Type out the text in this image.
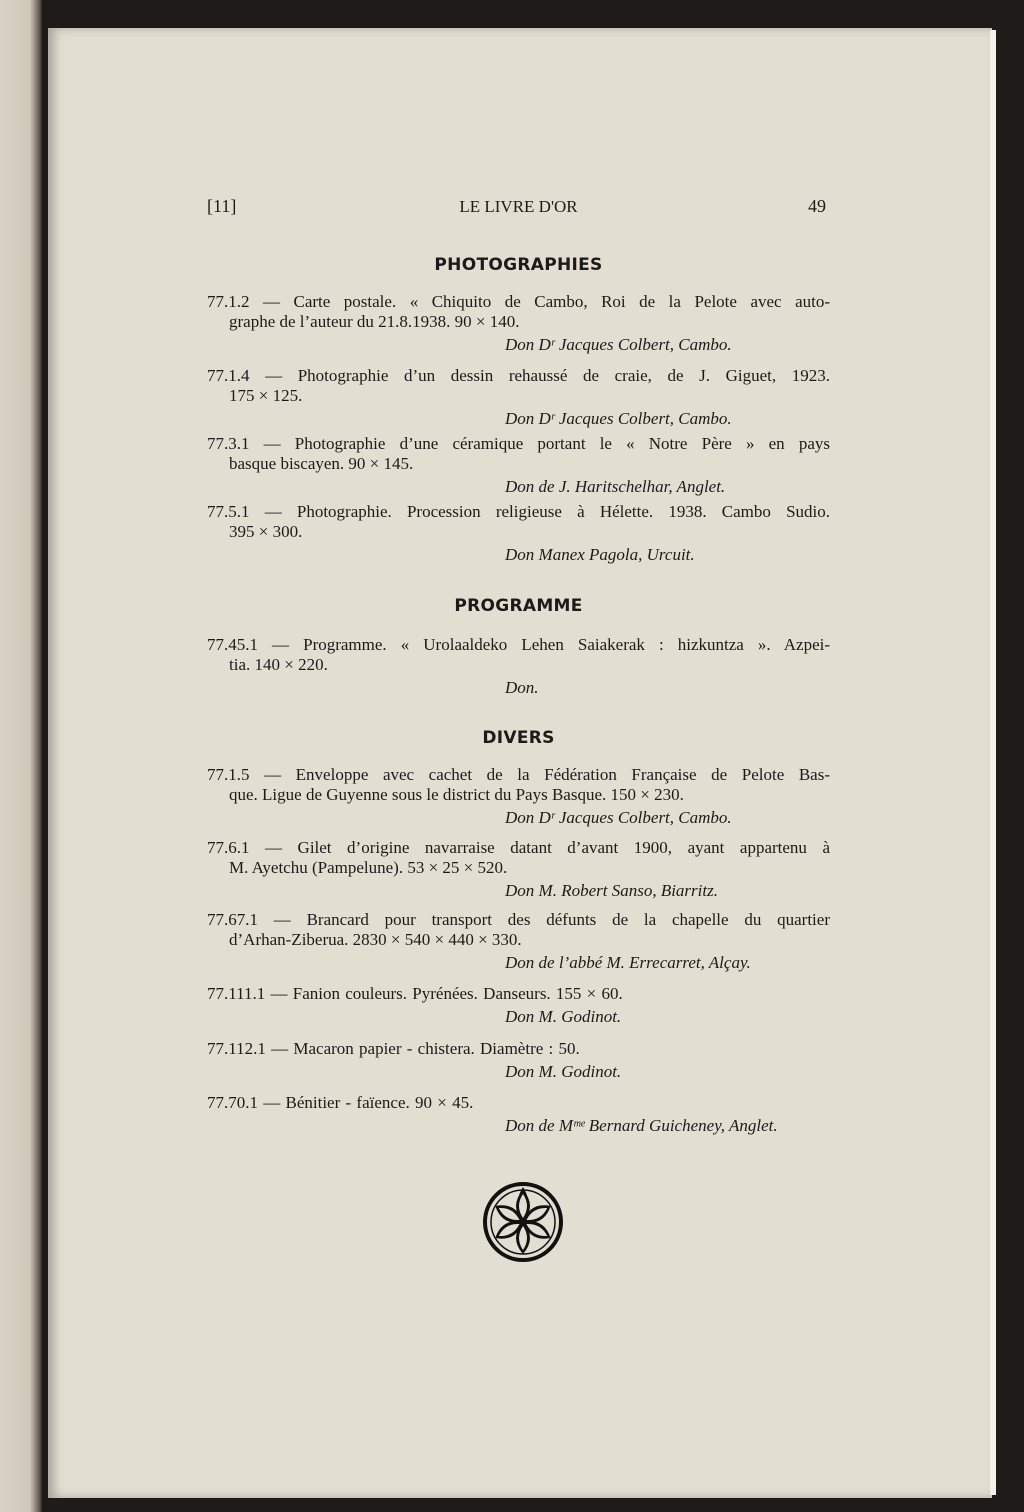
[11]	LE LIVRE D'OR	49
PHOTOGRAPHIES
77.1.2 — Carte postale. « Chiquito de Cambo, Roi de la Pelote avec auto-
graphe de l’auteur du 21.8.1938. 90 × 140.
Don Dʳ Jacques Colbert, Cambo.
77.1.4 — Photographie d’un dessin rehaussé de craie, de J. Giguet, 1923.
175 × 125.
Don Dʳ Jacques Colbert, Cambo.
77.3.1 — Photographie d’une céramique portant le « Notre Père » en pays
basque biscayen. 90 × 145.
Don de J. Haritschelhar, Anglet.
77.5.1 — Photographie. Procession religieuse à Hélette. 1938. Cambo Sudio.
395 × 300.
Don Manex Pagola, Urcuit.
PROGRAMME
77.45.1 — Programme. « Urolaaldeko Lehen Saiakerak : hizkuntza ». Azpei-
tia. 140 × 220.
Don.
DIVERS
77.1.5 — Enveloppe avec cachet de la Fédération Française de Pelote Bas-
que. Ligue de Guyenne sous le district du Pays Basque. 150 × 230.
Don Dʳ Jacques Colbert, Cambo.
77.6.1 — Gilet d’origine navarraise datant d’avant 1900, ayant appartenu à
M. Ayetchu (Pampelune). 53 × 25 × 520.
Don M. Robert Sanso, Biarritz.
77.67.1 — Brancard pour transport des défunts de la chapelle du quartier
d’Arhan-Ziberua. 2830 × 540 × 440 × 330.
Don de l’abbé M. Errecarret, Alçay.
77.111.1 — Fanion couleurs. Pyrénées. Danseurs. 155 × 60.
Don M. Godinot.
77.112.1 — Macaron papier - chistera. Diamètre : 50.
Don M. Godinot.
77.70.1 — Bénitier - faïence. 90 × 45.
Don de Mᵐᵉ Bernard Guicheney, Anglet.
